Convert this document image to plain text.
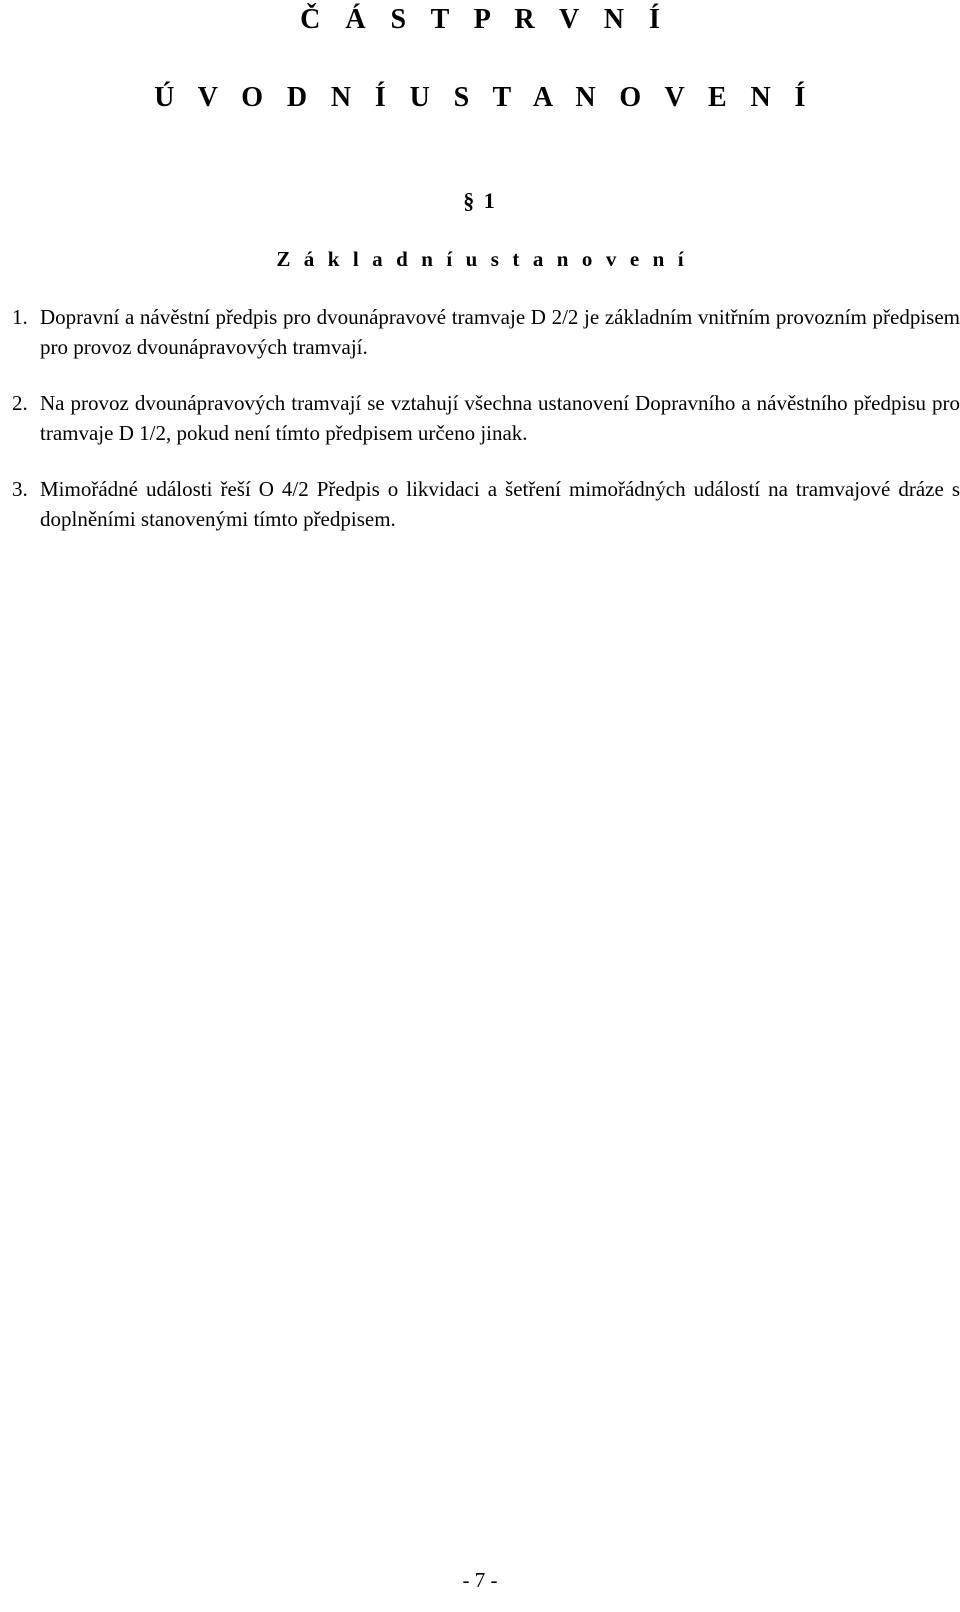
Č Á S T P R V N Í
Ú V O D N Í U S T A N O V E N Í
§ 1
Z á k l a d n í u s t a n o v e n í

1. Dopravní a návěstní předpis pro dvounápravové tramvaje D 2/2 je základním vnitřním provozním předpisem pro provoz dvounápravových tramvají.

2. Na provoz dvounápravových tramvají se vztahují všechna ustanovení Dopravního a návěstního předpisu pro tramvaje D 1/2, pokud není tímto předpisem určeno jinak.

3. Mimořádné události řeší O 4/2 Předpis o likvidaci a šetření mimořádných událostí na tramvajové dráze s doplněními stanovenými tímto předpisem.

- 7 -
